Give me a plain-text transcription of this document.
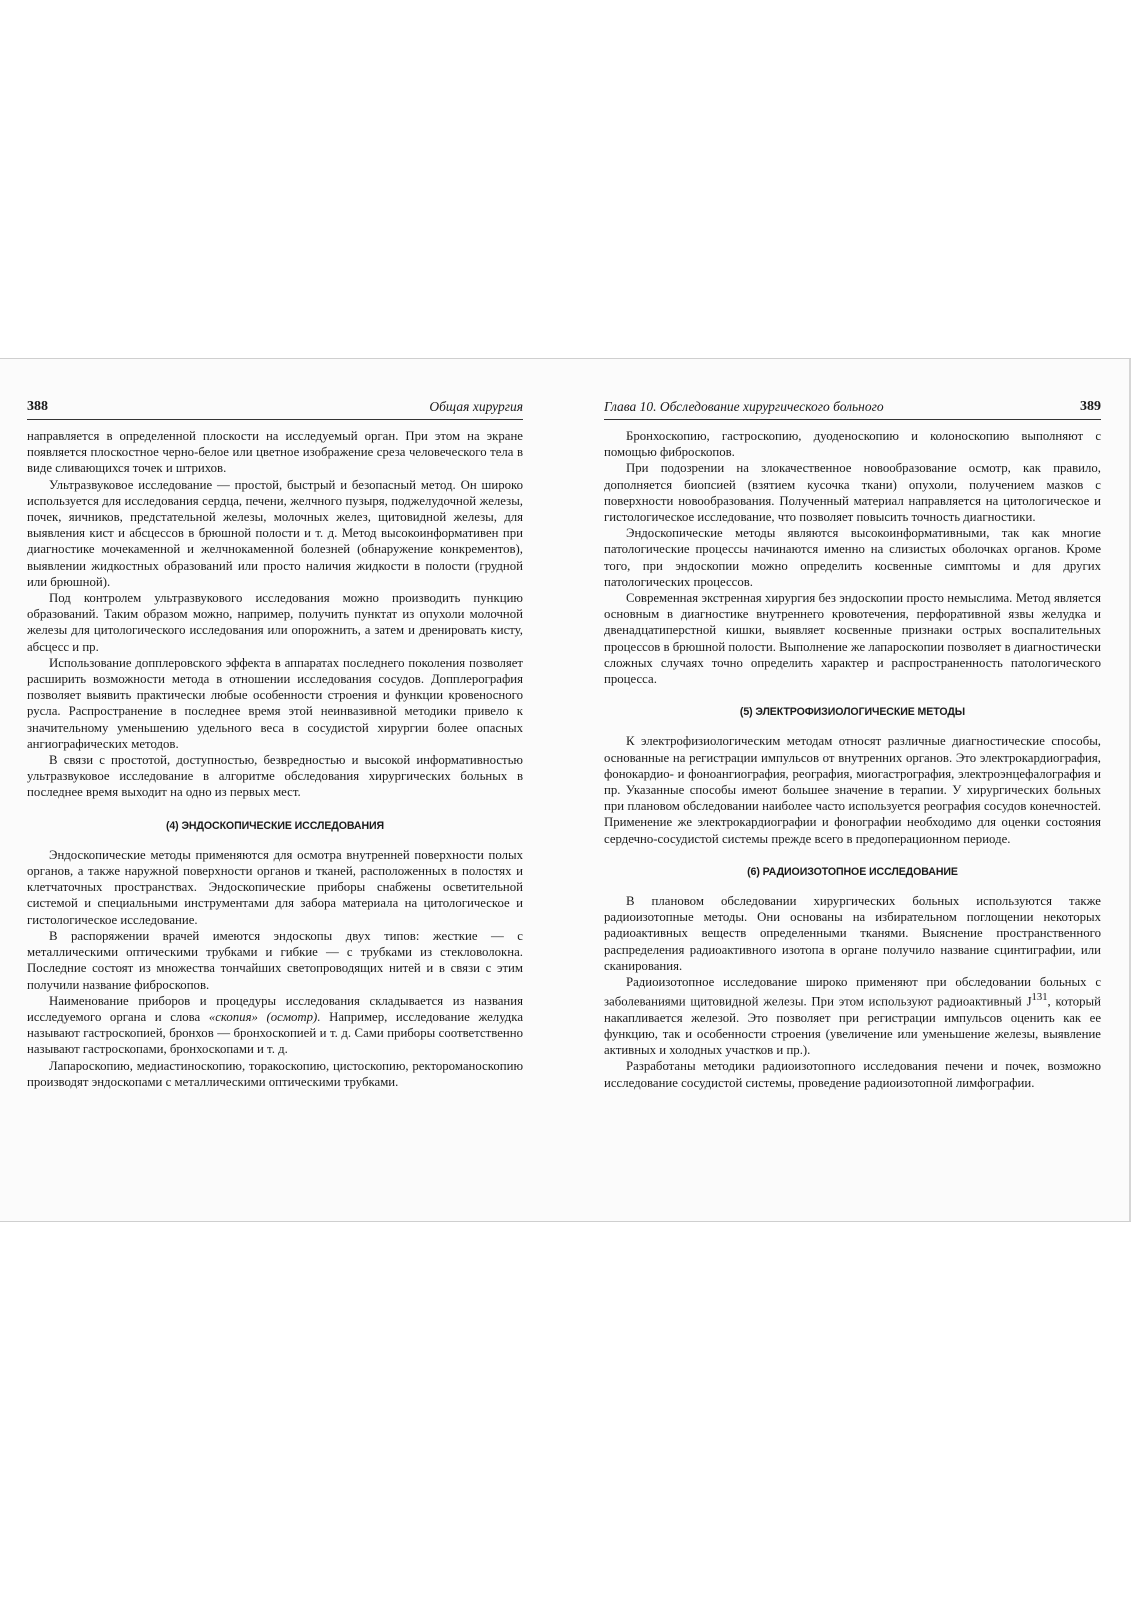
388	Общая хирургия

направляется в определенной плоскости на исследуемый орган. При этом на экране появляется плоскостное черно-белое или цветное изображение среза человеческого тела в виде сливающихся точек и штрихов.

Ультразвуковое исследование — простой, быстрый и безопасный метод. Он широко используется для исследования сердца, печени, желчного пузыря, поджелудочной железы, почек, яичников, предстательной железы, молочных желез, щитовидной железы, для выявления кист и абсцессов в брюшной полости и т. д. Метод высокоинформативен при диагностике мочекаменной и желчнокаменной болезней (обнаружение конкрементов), выявлении жидкостных образований или просто наличия жидкости в полости (грудной или брюшной).

Под контролем ультразвукового исследования можно производить пункцию образований. Таким образом можно, например, получить пунктат из опухоли молочной железы для цитологического исследования или опорожнить, а затем и дренировать кисту, абсцесс и пр.

Использование допплеровского эффекта в аппаратах последнего поколения позволяет расширить возможности метода в отношении исследования сосудов. Допплерография позволяет выявить практически любые особенности строения и функции кровеносного русла. Распространение в последнее время этой неинвазивной методики привело к значительному уменьшению удельного веса в сосудистой хирургии более опасных ангиографических методов.

В связи с простотой, доступностью, безвредностью и высокой информативностью ультразвуковое исследование в алгоритме обследования хирургических больных в последнее время выходит на одно из первых мест.

(4) ЭНДОСКОПИЧЕСКИЕ ИССЛЕДОВАНИЯ

Эндоскопические методы применяются для осмотра внутренней поверхности полых органов, а также наружной поверхности органов и тканей, расположенных в полостях и клетчаточных пространствах. Эндоскопические приборы снабжены осветительной системой и специальными инструментами для забора материала на цитологическое и гистологическое исследование.

В распоряжении врачей имеются эндоскопы двух типов: жесткие — с металлическими оптическими трубками и гибкие — с трубками из стекловолокна. Последние состоят из множества тончайших светопроводящих нитей и в связи с этим получили название фиброскопов.

Наименование приборов и процедуры исследования складывается из названия исследуемого органа и слова «скопия» (осмотр). Например, исследование желудка называют гастроскопией, бронхов — бронхоскопией и т. д. Сами приборы соответственно называют гастроскопами, бронхоскопами и т. д.

Лапароскопию, медиастиноскопию, торакоскопию, цистоскопию, ректороманоскопию производят эндоскопами с металлическими оптическими трубками.

Глава 10. Обследование хирургического больного	389

Бронхоскопию, гастроскопию, дуоденоскопию и колоноскопию выполняют с помощью фиброскопов.

При подозрении на злокачественное новообразование осмотр, как правило, дополняется биопсией (взятием кусочка ткани) опухоли, получением мазков с поверхности новообразования. Полученный материал направляется на цитологическое и гистологическое исследование, что позволяет повысить точность диагностики.

Эндоскопические методы являются высокоинформативными, так как многие патологические процессы начинаются именно на слизистых оболочках органов. Кроме того, при эндоскопии можно определить косвенные симптомы и для других патологических процессов.

Современная экстренная хирургия без эндоскопии просто немыслима. Метод является основным в диагностике внутреннего кровотечения, перфоративной язвы желудка и двенадцатиперстной кишки, выявляет косвенные признаки острых воспалительных процессов в брюшной полости. Выполнение же лапароскопии позволяет в диагностически сложных случаях точно определить характер и распространенность патологического процесса.

(5) ЭЛЕКТРОФИЗИОЛОГИЧЕСКИЕ МЕТОДЫ

К электрофизиологическим методам относят различные диагностические способы, основанные на регистрации импульсов от внутренних органов. Это электрокардиография, фонокардио- и фоноангиография, реография, миогастрография, электроэнцефалография и пр. Указанные способы имеют большее значение в терапии. У хирургических больных при плановом обследовании наиболее часто используется реография сосудов конечностей. Применение же электрокардиографии и фонографии необходимо для оценки состояния сердечно-сосудистой системы прежде всего в предоперационном периоде.

(6) РАДИОИЗОТОПНОЕ ИССЛЕДОВАНИЕ

В плановом обследовании хирургических больных используются также радиоизотопные методы. Они основаны на избирательном поглощении некоторых радиоактивных веществ определенными тканями. Выяснение пространственного распределения радиоактивного изотопа в органе получило название сцинтиграфии, или сканирования.

Радиоизотопное исследование широко применяют при обследовании больных с заболеваниями щитовидной железы. При этом используют радиоактивный $J^{131}$, который накапливается железой. Это позволяет при регистрации импульсов оценить как ее функцию, так и особенности строения (увеличение или уменьшение железы, выявление активных и холодных участков и пр.).

Разработаны методики радиоизотопного исследования печени и почек, возможно исследование сосудистой системы, проведение радиоизотопной лимфографии.
